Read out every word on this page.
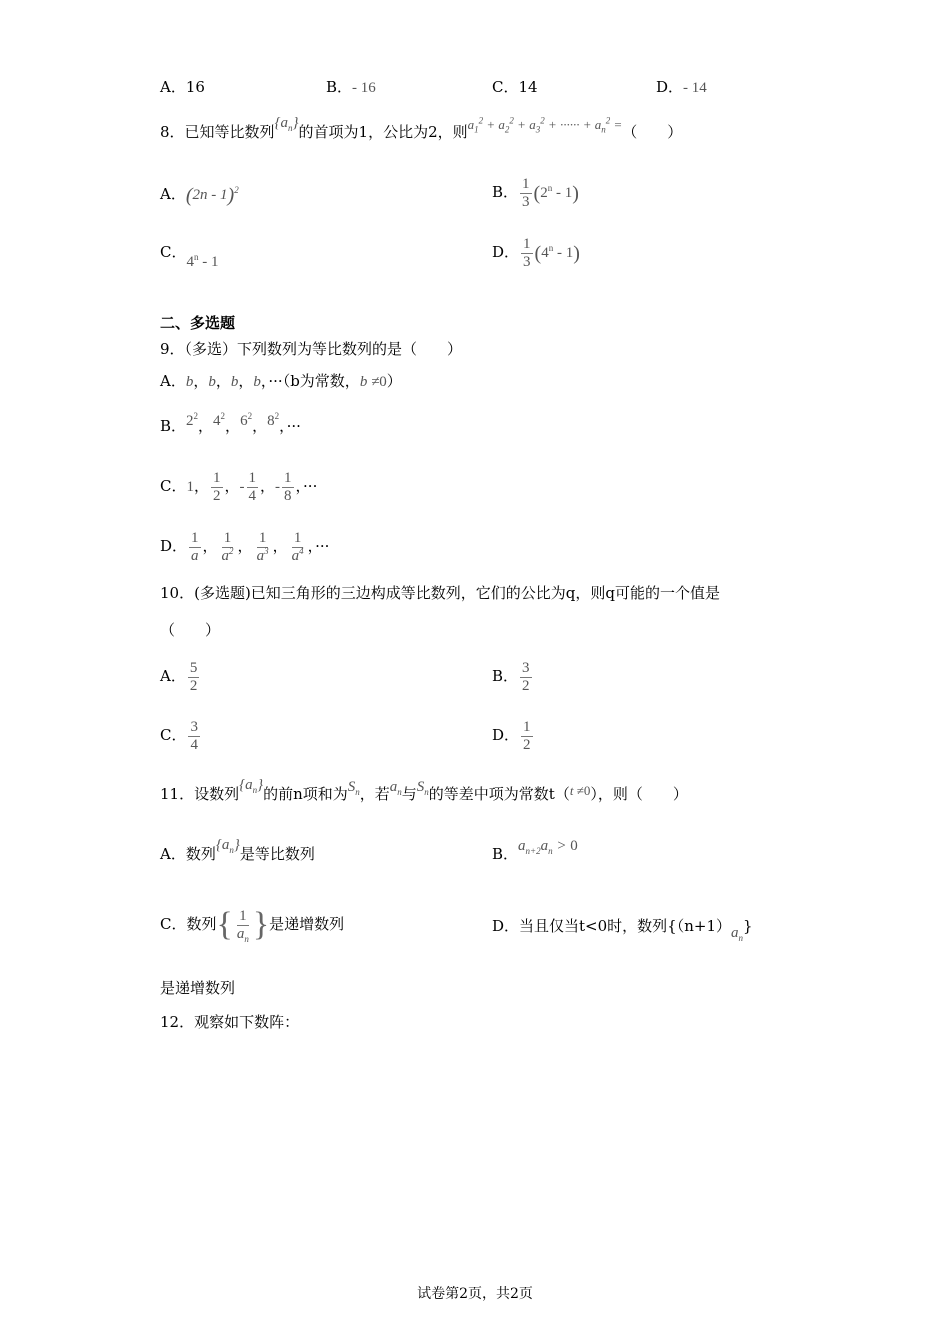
A．16	B．- 16	C．14	D．- 14
8．已知等比数列$\{a_n\}$的首项为1，公比为2，则$a_1^2 + a_2^2 + a_3^2$ + ······ + $a_n^2$ =（　　）
A．(2n - 1)$^2$	B． $\frac{1}{3} (2^n - 1)$
C．4$^n$ - 1
D． $\frac{1}{3} (4^n - 1)$
二、多选题
9．（多选）下列数列为等比数列的是（　　）
A．b，b，b，b，···（b为常数，b ≠0）
B．$2^2$，$4^2$，$6^2$，$8^2$，···
C．1， $\frac{1}{2}$ ，- $\frac{1}{4}$ ，- $\frac{1}{8}$ ，···
D． $\frac{1}{a}$ ， $\frac{1}{a^2}$ ， $\frac{1}{a^3}$ ， $\frac{1}{a^4}$ ，···
10．(多选题)已知三角形的三边构成等比数列，它们的公比为q，则q可能的一个值是
（　　）
A． $\frac{5}{2}$	B． $\frac{3}{2}$
C． $\frac{3}{4}$	D． $\frac{1}{2}$
11．设数列$\{a_n\}$的前n项和为$S_n$，若$a_n$与$S_n$的等差中项为常数t（t ≠0），则（　　）
A．数列$\{a_n\}$是等比数列	B．$a_{n+2}a_n > 0$
C．数列 { $\frac{1}{a_n}$ } 是递增数列	D．当且仅当t<0时，数列$\{(n+1)a_n\}$
是递增数列
12．观察如下数阵：
试卷第2页，共2页
